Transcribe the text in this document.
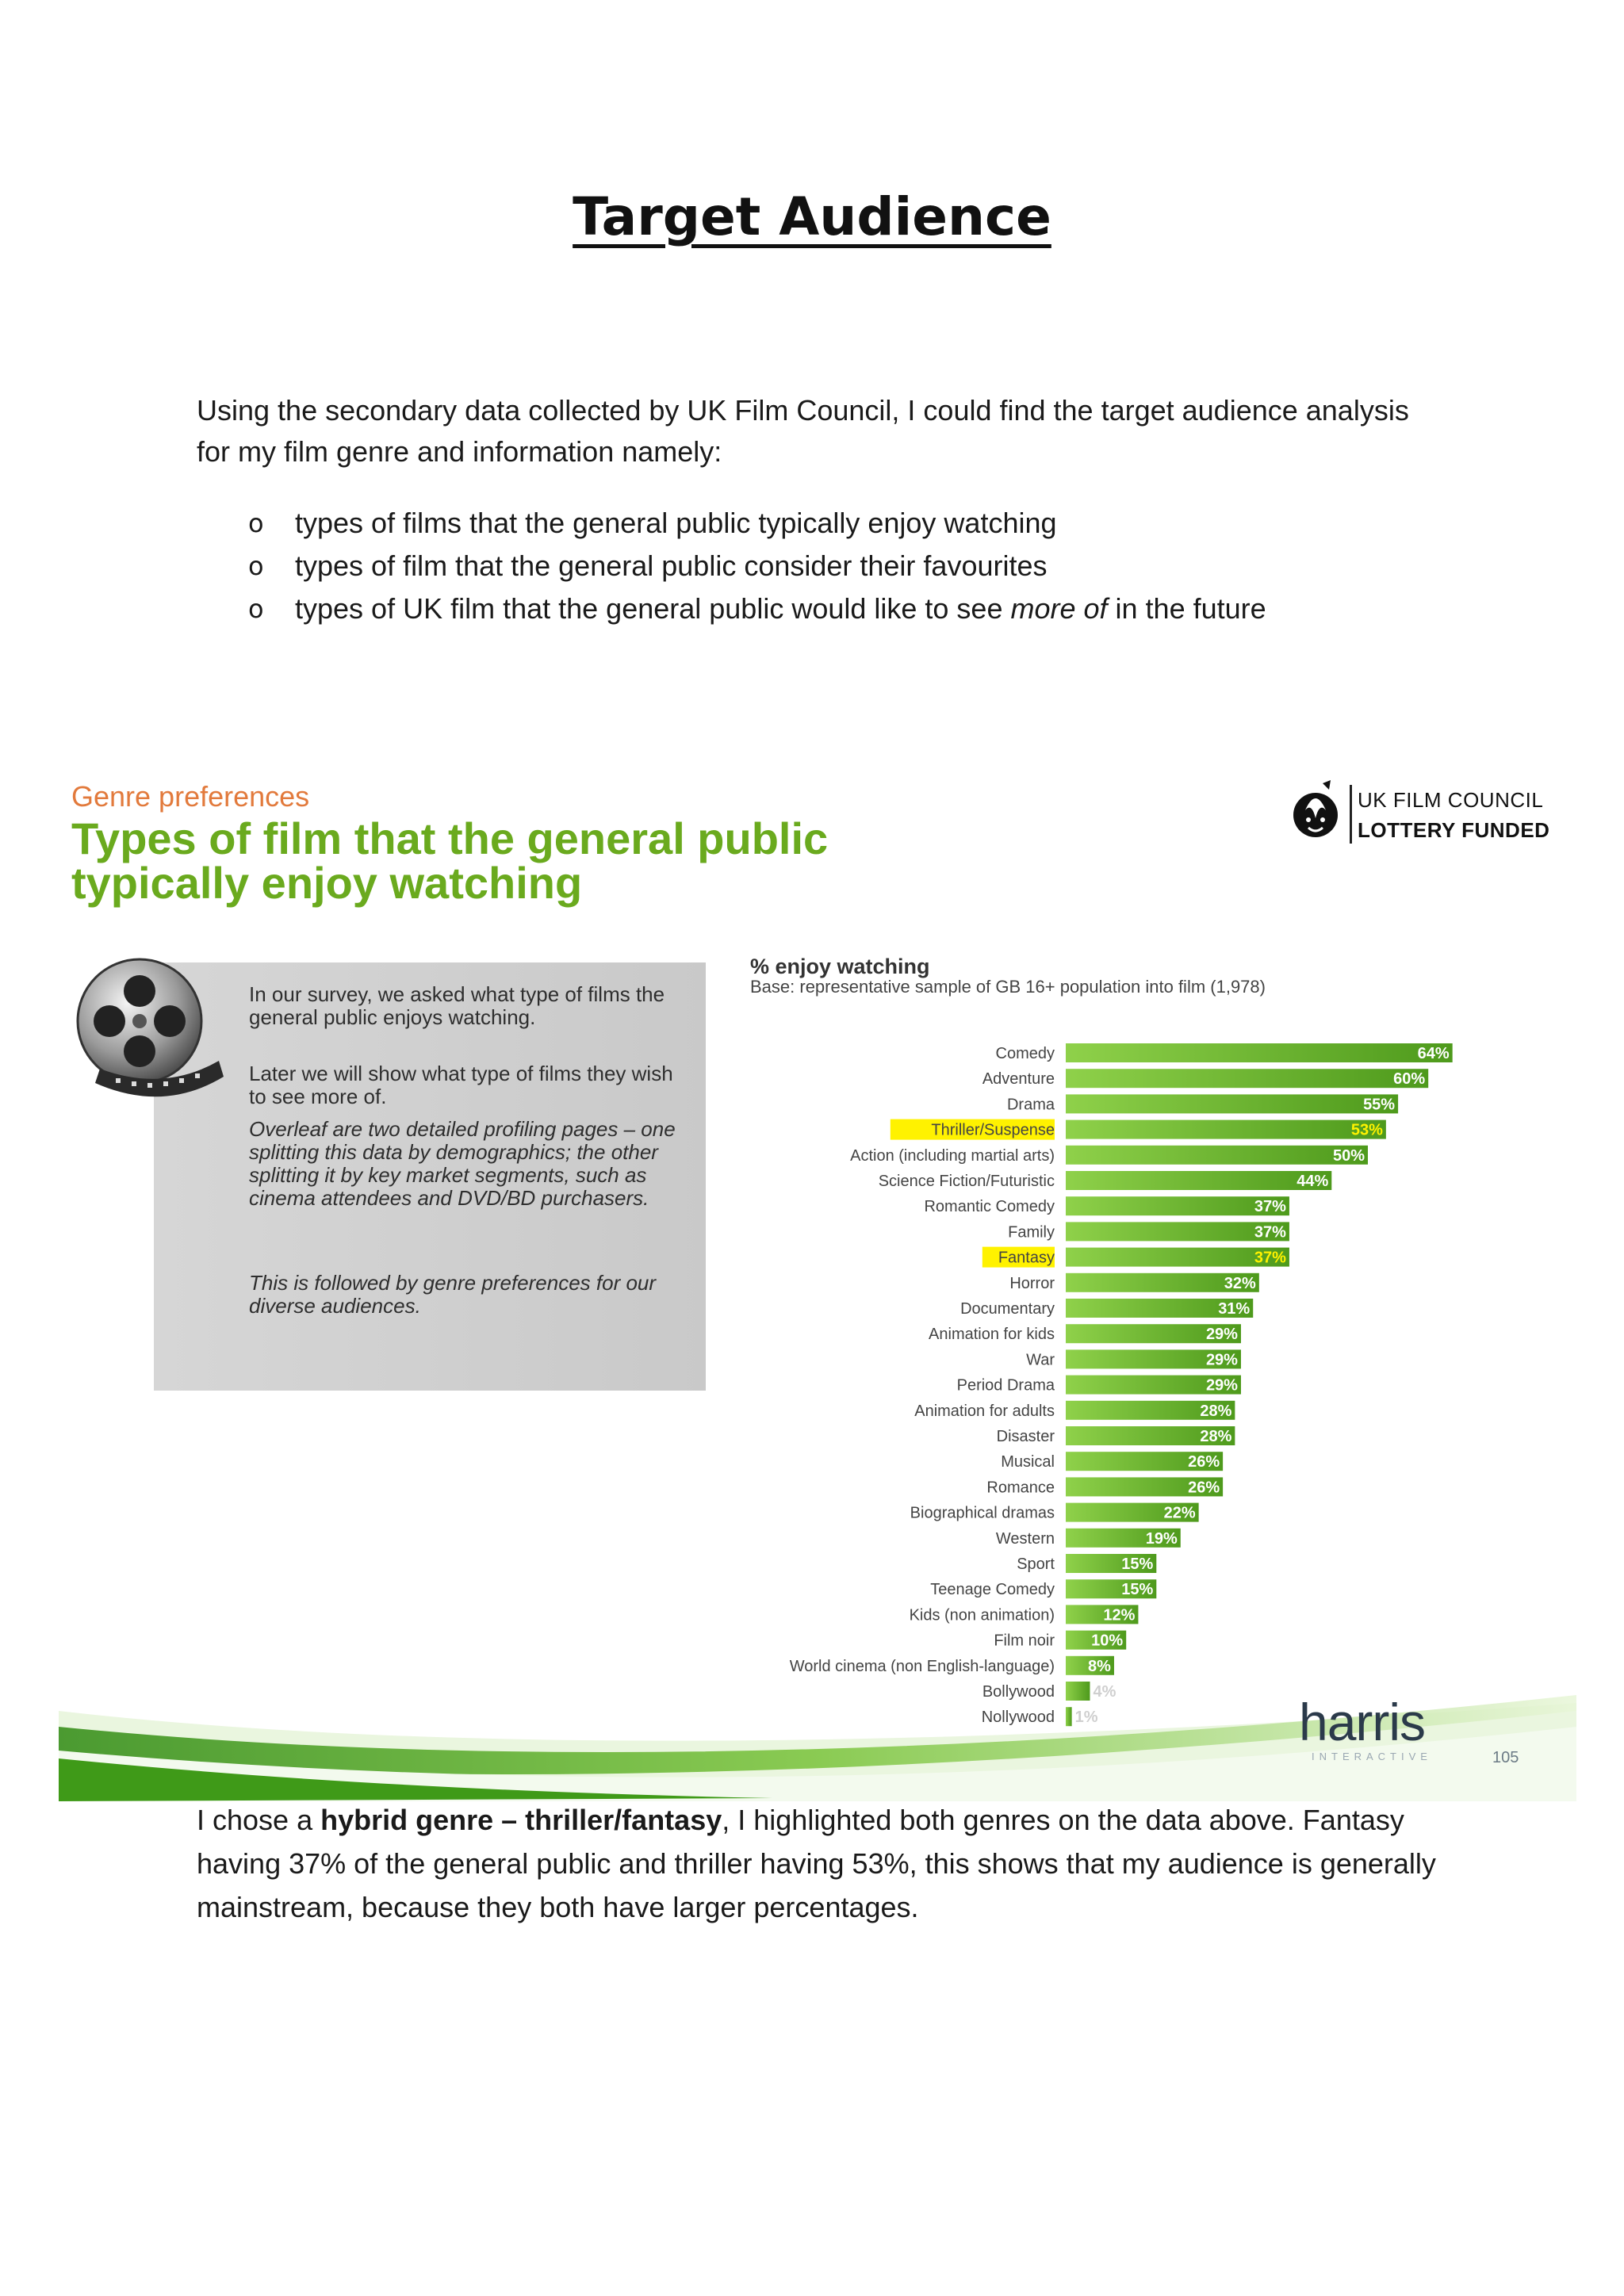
Target Audience
Using the secondary data collected by UK Film Council, I could find the target audience analysis for my film genre and information namely:
o types of films that the general public typically enjoy watching
o types of film that the general public consider their favourites
o types of UK film that the general public would like to see more of in the future
Genre preferences
Types of film that the general public typically enjoy watching
UK FILM COUNCIL
LOTTERY FUNDED
In our survey, we asked what type of films the general public enjoys watching.
Later we will show what type of films they wish to see more of.
Overleaf are two detailed profiling pages – one splitting this data by demographics; the other splitting it by key market segments, such as cinema attendees and DVD/BD purchasers.
This is followed by genre preferences for our diverse audiences.
% enjoy watching
Base: representative sample of GB 16+ population into film (1,978)
Comedy	64%
Adventure	60%
Drama	55%
Thriller/Suspense	53%
Action (including martial arts)	50%
Science Fiction/Futuristic	44%
Romantic Comedy	37%
Family	37%
Fantasy	37%
Horror	32%
Documentary	31%
Animation for kids	29%
War	29%
Period Drama	29%
Animation for adults	28%
Disaster	28%
Musical	26%
Romance	26%
Biographical dramas	22%
Western	19%
Sport	15%
Teenage Comedy	15%
Kids (non animation)	12%
Film noir 10%
World cinema (non English-language) 8%
Bollywood 4%
Nollywood 1%	harris
INTERACTIVE	105
I chose a hybrid genre – thriller/fantasy, I highlighted both genres on the data above. Fantasy having 37% of the general public and thriller having 53%, this shows that my audience is generally mainstream, because they both have larger percentages.
